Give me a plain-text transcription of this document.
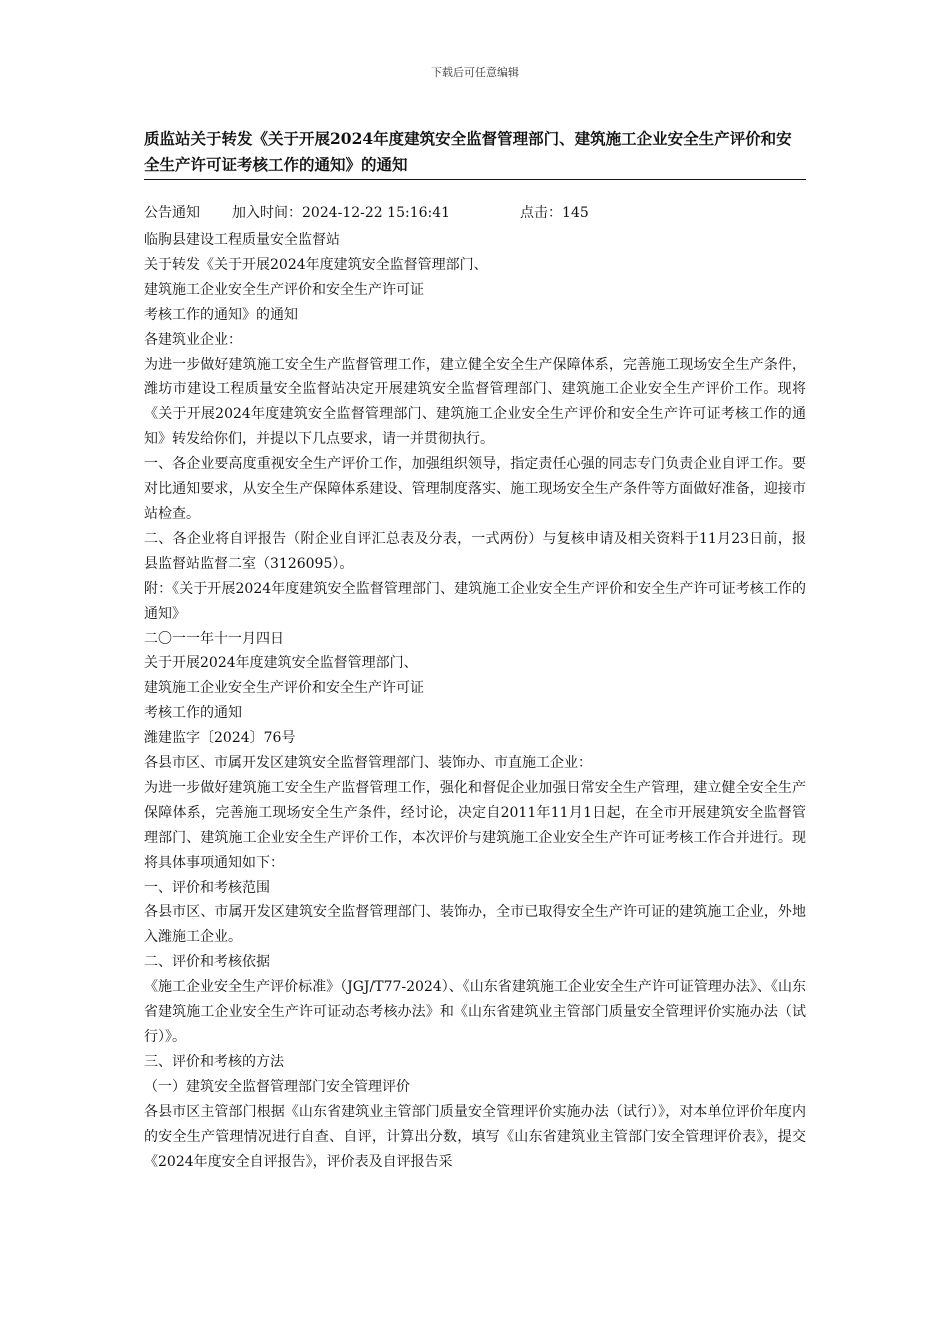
下载后可任意编辑
质监站关于转发《关于开展2024年度建筑安全监督管理部门、建筑施工企业安全生产评价和安全生产许可证考核工作的通知》的通知
公告通知 加入时间：2024-12-22 15:16:41	点击：145

临朐县建设工程质量安全监督站

关于转发《关于开展2024年度建筑安全监督管理部门、

建筑施工企业安全生产评价和安全生产许可证

考核工作的通知》的通知

各建筑业企业：

为进一步做好建筑施工安全生产监督管理工作，建立健全安全生产保障体系，完善施工现场安全生产条件，潍坊市建设工程质量安全监督站决定开展建筑安全监督管理部门、建筑施工企业安全生产评价工作。现将《关于开展2024年度建筑安全监督管理部门、建筑施工企业安全生产评价和安全生产许可证考核工作的通知》转发给你们，并提以下几点要求，请一并贯彻执行。

一、各企业要高度重视安全生产评价工作，加强组织领导，指定责任心强的同志专门负责企业自评工作。要对比通知要求，从安全生产保障体系建设、管理制度落实、施工现场安全生产条件等方面做好准备，迎接市站检查。

二、各企业将自评报告（附企业自评汇总表及分表，一式两份）与复核申请及相关资料于11月23日前，报县监督站监督二室（3126095）。

附：《关于开展2024年度建筑安全监督管理部门、建筑施工企业安全生产评价和安全生产许可证考核工作的通知》

二〇一一年十一月四日

关于开展2024年度建筑安全监督管理部门、

建筑施工企业安全生产评价和安全生产许可证

考核工作的通知

潍建监字〔2024〕76号

各县市区、市属开发区建筑安全监督管理部门、装饰办、市直施工企业：

为进一步做好建筑施工安全生产监督管理工作，强化和督促企业加强日常安全生产管理，建立健全安全生产保障体系，完善施工现场安全生产条件，经讨论，决定自2011年11月1日起，在全市开展建筑安全监督管理部门、建筑施工企业安全生产评价工作，本次评价与建筑施工企业安全生产许可证考核工作合并进行。现将具体事项通知如下：

一、评价和考核范围

各县市区、市属开发区建筑安全监督管理部门、装饰办，全市已取得安全生产许可证的建筑施工企业，外地入潍施工企业。

二、评价和考核依据

《施工企业安全生产评价标准》（JGJ/T77-2024）、《山东省建筑施工企业安全生产许可证管理办法》、《山东省建筑施工企业安全生产许可证动态考核办法》和《山东省建筑业主管部门质量安全管理评价实施办法（试行）》。

三、评价和考核的方法

（一）建筑安全监督管理部门安全管理评价

各县市区主管部门根据《山东省建筑业主管部门质量安全管理评价实施办法（试行）》，对本单位评价年度内的安全生产管理情况进行自查、自评，计算出分数，填写《山东省建筑业主管部门安全管理评价表》，提交《2024年度安全自评报告》，评价表及自评报告采
